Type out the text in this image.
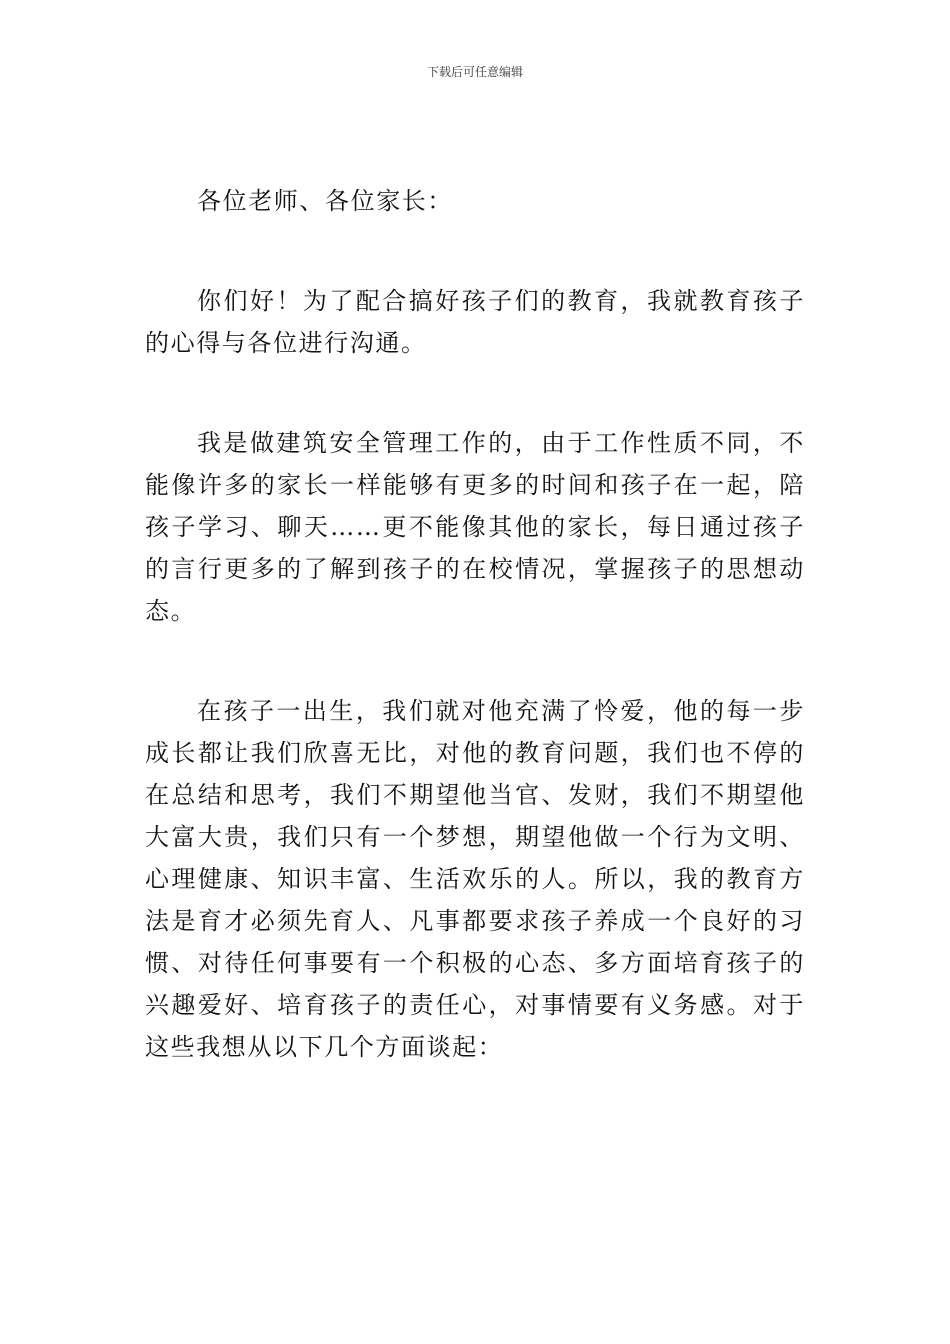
下载后可任意编辑

各位老师、各位家长：

你们好！为了配合搞好孩子们的教育，我就教育孩子的心得与各位进行沟通。

我是做建筑安全管理工作的，由于工作性质不同，不能像许多的家长一样能够有更多的时间和孩子在一起，陪孩子学习、聊天……更不能像其他的家长，每日通过孩子的言行更多的了解到孩子的在校情况，掌握孩子的思想动态。

在孩子一出生，我们就对他充满了怜爱，他的每一步成长都让我们欣喜无比，对他的教育问题，我们也不停的在总结和思考，我们不期望他当官、发财，我们不期望他大富大贵，我们只有一个梦想，期望他做一个行为文明、心理健康、知识丰富、生活欢乐的人。所以，我的教育方法是育才必须先育人、凡事都要求孩子养成一个良好的习惯、对待任何事要有一个积极的心态、多方面培育孩子的兴趣爱好、培育孩子的责任心，对事情要有义务感。对于这些我想从以下几个方面谈起：
